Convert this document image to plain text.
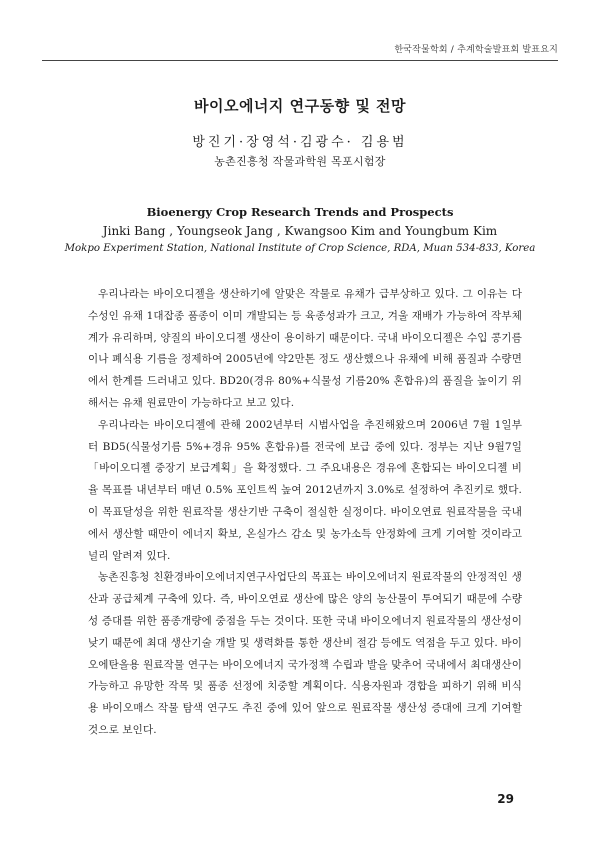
한국작물학회 / 추계학술발표회 발표요지
바이오에너지 연구동향 및 전망
방진기·장영석·김광수· 김용범
농촌진흥청 작물과학원 목포시험장
Bioenergy Crop Research Trends and Prospects
Jinki Bang , Youngseok Jang , Kwangsoo Kim and Youngbum Kim
Mokpo Experiment Station, National Institute of Crop Science, RDA, Muan 534-833, Korea

우리나라는 바이오디젤을 생산하기에 알맞은 작물로 유채가 급부상하고 있다. 그 이유는 다수성인 유채 1대잡종 품종이 이미 개발되는 등 육종성과가 크고, 겨울 재배가 가능하여 작부체계가 유리하며, 양질의 바이오디젤 생산이 용이하기 때문이다. 국내 바이오디젤은 수입 콩기름이나 폐식용 기름을 정제하여 2005년에 약2만톤 정도 생산했으나 유채에 비해 품질과 수량면에서 한계를 드러내고 있다. BD20(경유 80%+식물성 기름20% 혼합유)의 품질을 높이기 위해서는 유채 원료만이 가능하다고 보고 있다.

우리나라는 바이오디젤에 관해 2002년부터 시범사업을 추진해왔으며 2006년 7월 1일부터 BD5(식물성기름 5%+경유 95% 혼합유)를 전국에 보급 중에 있다. 정부는 지난 9월7일 「바이오디젤 중장기 보급계획」을 확정했다. 그 주요내용은 경유에 혼합되는 바이오디젤 비율 목표를 내년부터 매년 0.5% 포인트씩 높여 2012년까지 3.0%로 설정하여 추진키로 했다. 이 목표달성을 위한 원료작물 생산기반 구축이 절실한 실정이다. 바이오연료 원료작물을 국내에서 생산할 때만이 에너지 확보, 온실가스 감소 및 농가소득 안정화에 크게 기여할 것이라고 널리 알려져 있다.

농촌진흥청 친환경바이오에너지연구사업단의 목표는 바이오에너지 원료작물의 안정적인 생산과 공급체계 구축에 있다. 즉, 바이오연료 생산에 많은 양의 농산물이 투여되기 때문에 수량성 증대를 위한 품종개량에 중점을 두는 것이다. 또한 국내 바이오에너지 원료작물의 생산성이 낮기 때문에 최대 생산기술 개발 및 생력화를 통한 생산비 절감 등에도 역점을 두고 있다. 바이오에탄올용 원료작물 연구는 바이오에너지 국가정책 수립과 발을 맞추어 국내에서 최대생산이 가능하고 유망한 작목 및 품종 선정에 치중할 계획이다. 식용자원과 경합을 피하기 위해 비식용 바이오매스 작물 탐색 연구도 추진 중에 있어 앞으로 원료작물 생산성 증대에 크게 기여할 것으로 보인다.

29
